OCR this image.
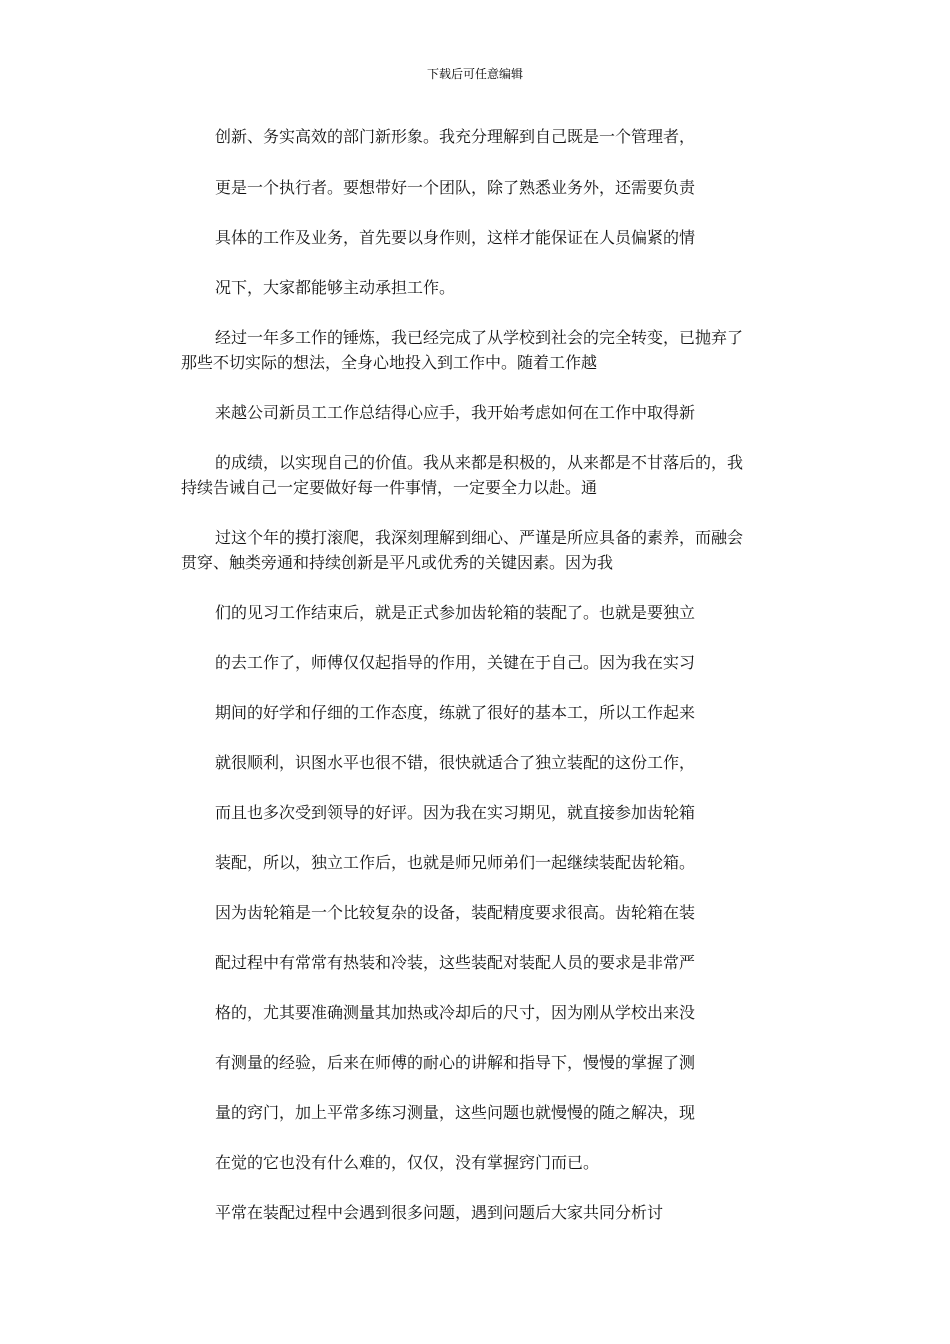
下载后可任意编辑
创新、务实高效的部门新形象。我充分理解到自己既是一个管理者，
更是一个执行者。要想带好一个团队，除了熟悉业务外，还需要负责
具体的工作及业务，首先要以身作则，这样才能保证在人员偏紧的情
况下，大家都能够主动承担工作。
经过一年多工作的锤炼，我已经完成了从学校到社会的完全转变，已抛弃了
那些不切实际的想法，全身心地投入到工作中。随着工作越
来越公司新员工工作总结得心应手，我开始考虑如何在工作中取得新
的成绩，以实现自己的价值。我从来都是积极的，从来都是不甘落后的，我
持续告诫自己一定要做好每一件事情，一定要全力以赴。通
过这个年的摸打滚爬，我深刻理解到细心、严谨是所应具备的素养，而融会
贯穿、触类旁通和持续创新是平凡或优秀的关键因素。因为我
们的见习工作结束后，就是正式参加齿轮箱的装配了。也就是要独立
的去工作了，师傅仅仅起指导的作用，关键在于自己。因为我在实习
期间的好学和仔细的工作态度，练就了很好的基本工，所以工作起来
就很顺利，识图水平也很不错，很快就适合了独立装配的这份工作，
而且也多次受到领导的好评。因为我在实习期见，就直接参加齿轮箱
装配，所以，独立工作后，也就是师兄师弟们一起继续装配齿轮箱。
因为齿轮箱是一个比较复杂的设备，装配精度要求很高。齿轮箱在装
配过程中有常常有热装和冷装，这些装配对装配人员的要求是非常严
格的，尤其要准确测量其加热或冷却后的尺寸，因为刚从学校出来没
有测量的经验，后来在师傅的耐心的讲解和指导下，慢慢的掌握了测
量的窍门，加上平常多练习测量，这些问题也就慢慢的随之解决，现
在觉的它也没有什么难的，仅仅，没有掌握窍门而已。
平常在装配过程中会遇到很多问题，遇到问题后大家共同分析讨
